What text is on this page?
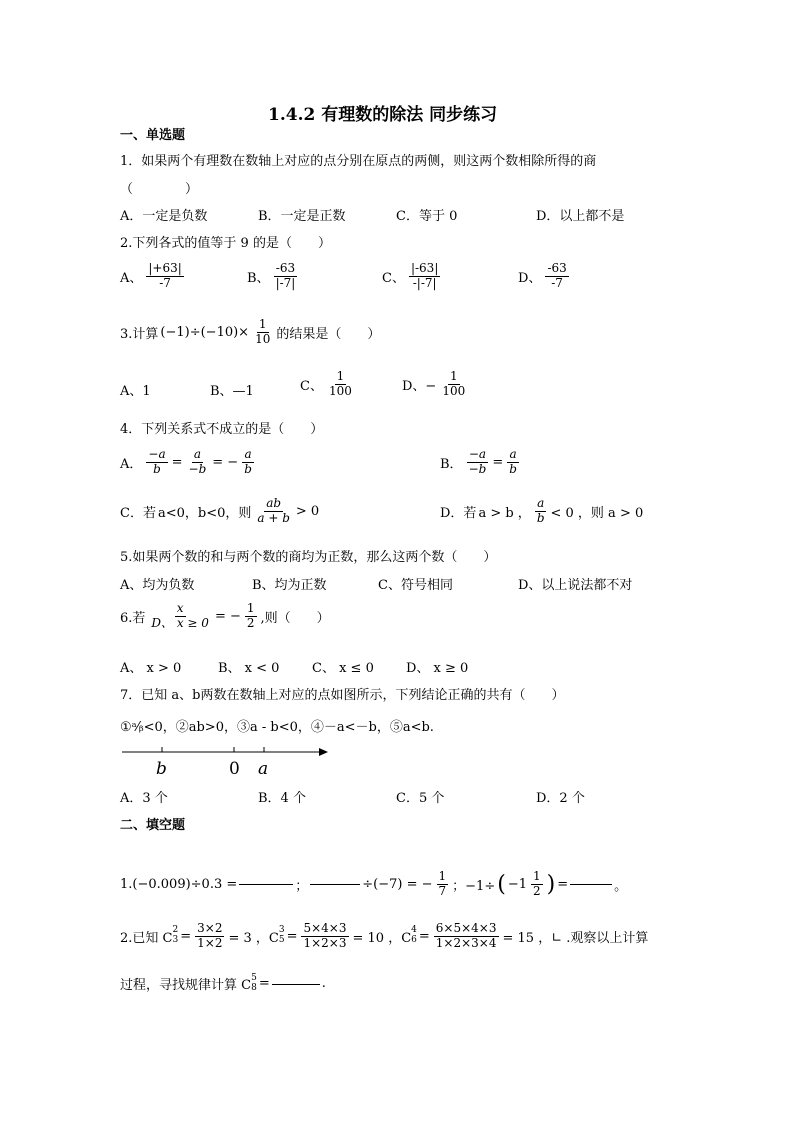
1.4.2 有理数的除法 同步练习
一、单选题
1．如果两个有理数在数轴上对应的点分别在原点的两侧，则这两个数相除所得的商
（　　　　）
A．一定是负数	B．一定是正数	C．等于 0	D．以上都不是
2.下列各式的值等于 9 的是（　　）
A、 $\frac{|+63|}{-7}$	B、 $\frac{-63}{|-7|}$	C、 $\frac{|-63|}{-|-7|}$	D、 $\frac{-63}{-7}$
3.计算 $(-1)\div(-10)\times \frac{1}{10}$ 的结果是（　　）
A、1	B、—1	C、 $\frac{1}{100}$	D、− $\frac{1}{100}$
4．下列关系式不成立的是（　　）
A． $\frac{-a}{b} = \frac{a}{-b}$ = − $\frac{a}{b}$	B． $\frac{-a}{-b} = \frac{a}{b}$
C．若 a<0，b<0，则 $\frac{ab}{a + b} > 0$	D．若 a > b ， $\frac{a}{b} < 0$ ，则 a > 0
5.如果两个数的和与两个数的商均为正数，那么这两个数（　　）
A、均为负数	B、均为正数	C、符号相同	D、以上说法都不对
6.若 $\frac{x}{D、 x \ge 0}$ = − $\frac{1}{2}$ ,则（　　）
A、 x > 0	B、 x < 0	C、 x ≤ 0 D、 x ≥ 0
7．已知 a、b两数在数轴上对应的点如图所示，下列结论正确的共有（　　）
①ᵃ⁄ᵦ<0，②ab>0，③a - b<0，④－a<－b，⑤a<b.
b	0 a
A．3 个	B．4 个	C．5 个	D．2 个
二、填空题
1.(−0.009)÷0.3 =	；	÷(−7) = − $\frac{1}{7}$ ；−1÷ ( $-1 \frac{1}{2}$ ) =	。
2.已知 C
2
$3 = \frac{3\times 2}{1\times 2} = 3$ ，C
3
$5 = \frac{5\times 4\times 3}{1\times 2\times 3} = 10$ ，C
4
$6 = \frac{6\times 5\times 4\times 3}{1\times 2\times 3\times 4} = 15$ ，∟ .观察以上计算
过程，寻找规律计算 C
5
8 =	.
